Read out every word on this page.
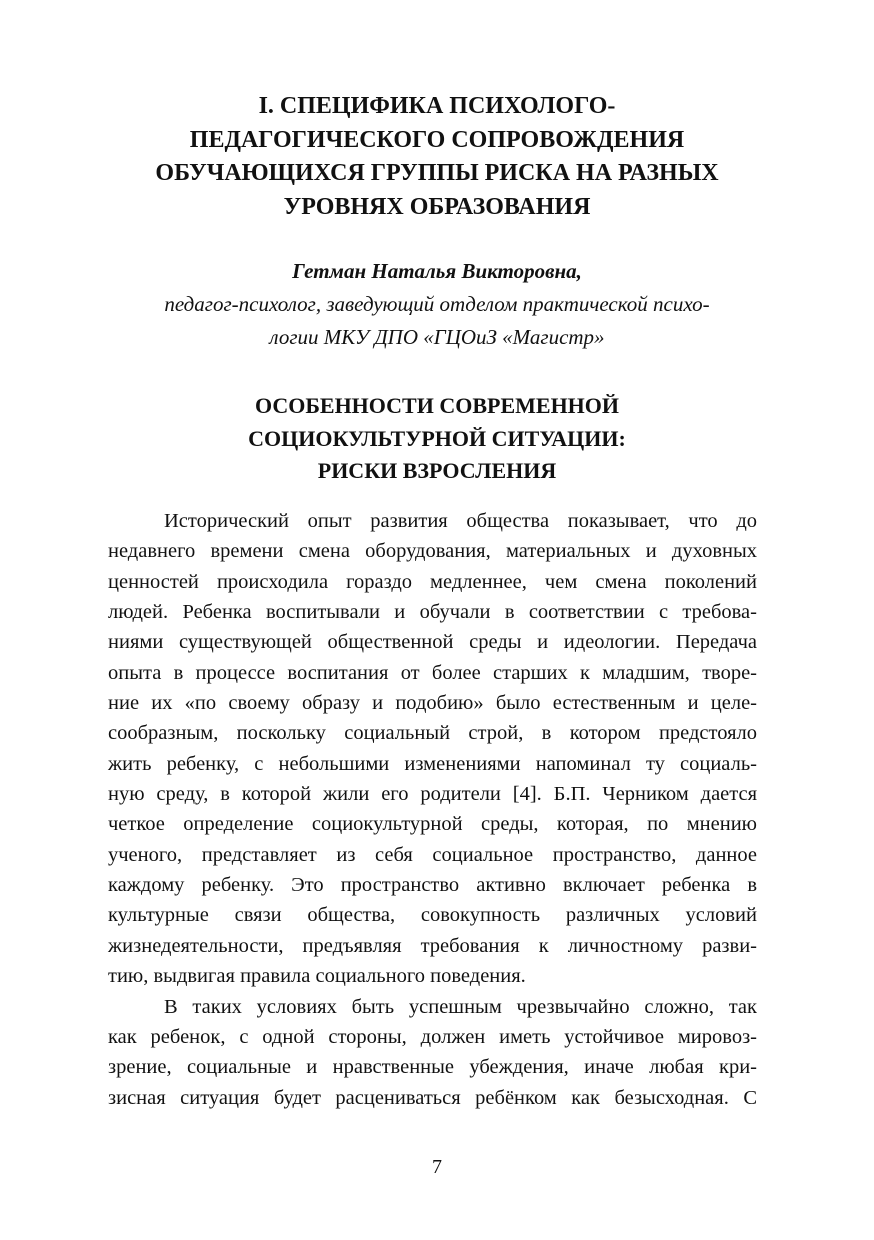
I. СПЕЦИФИКА ПСИХОЛОГО-
ПЕДАГОГИЧЕСКОГО СОПРОВОЖДЕНИЯ
ОБУЧАЮЩИХСЯ ГРУППЫ РИСКА НА РАЗНЫХ
УРОВНЯХ ОБРАЗОВАНИЯ
Гетман Наталья Викторовна,
педагог-психолог, заведующий отделом практической психо-
логии МКУ ДПО «ГЦОиЗ «Магистр»
ОСОБЕННОСТИ СОВРЕМЕННОЙ
СОЦИОКУЛЬТУРНОЙ СИТУАЦИИ:
РИСКИ ВЗРОСЛЕНИЯ
Исторический опыт развития общества показывает, что до
недавнего времени смена оборудования, материальных и духовных
ценностей происходила гораздо медленнее, чем смена поколений
людей. Ребенка воспитывали и обучали в соответствии с требова-
ниями существующей общественной среды и идеологии. Передача
опыта в процессе воспитания от более старших к младшим, творе-
ние их «по своему образу и подобию» было естественным и целе-
сообразным, поскольку социальный строй, в котором предстояло
жить ребенку, с небольшими изменениями напоминал ту социаль-
ную среду, в которой жили его родители [4]. Б.П. Черником дается
четкое определение социокультурной среды, которая, по мнению
ученого, представляет из себя социальное пространство, данное
каждому ребенку. Это пространство активно включает ребенка в
культурные связи общества, совокупность различных условий
жизнедеятельности, предъявляя требования к личностному разви-
тию, выдвигая правила социального поведения.
В таких условиях быть успешным чрезвычайно сложно, так
как ребенок, с одной стороны, должен иметь устойчивое мировоз-
зрение, социальные и нравственные убеждения, иначе любая кри-
зисная ситуация будет расцениваться ребёнком как безысходная. С
7
